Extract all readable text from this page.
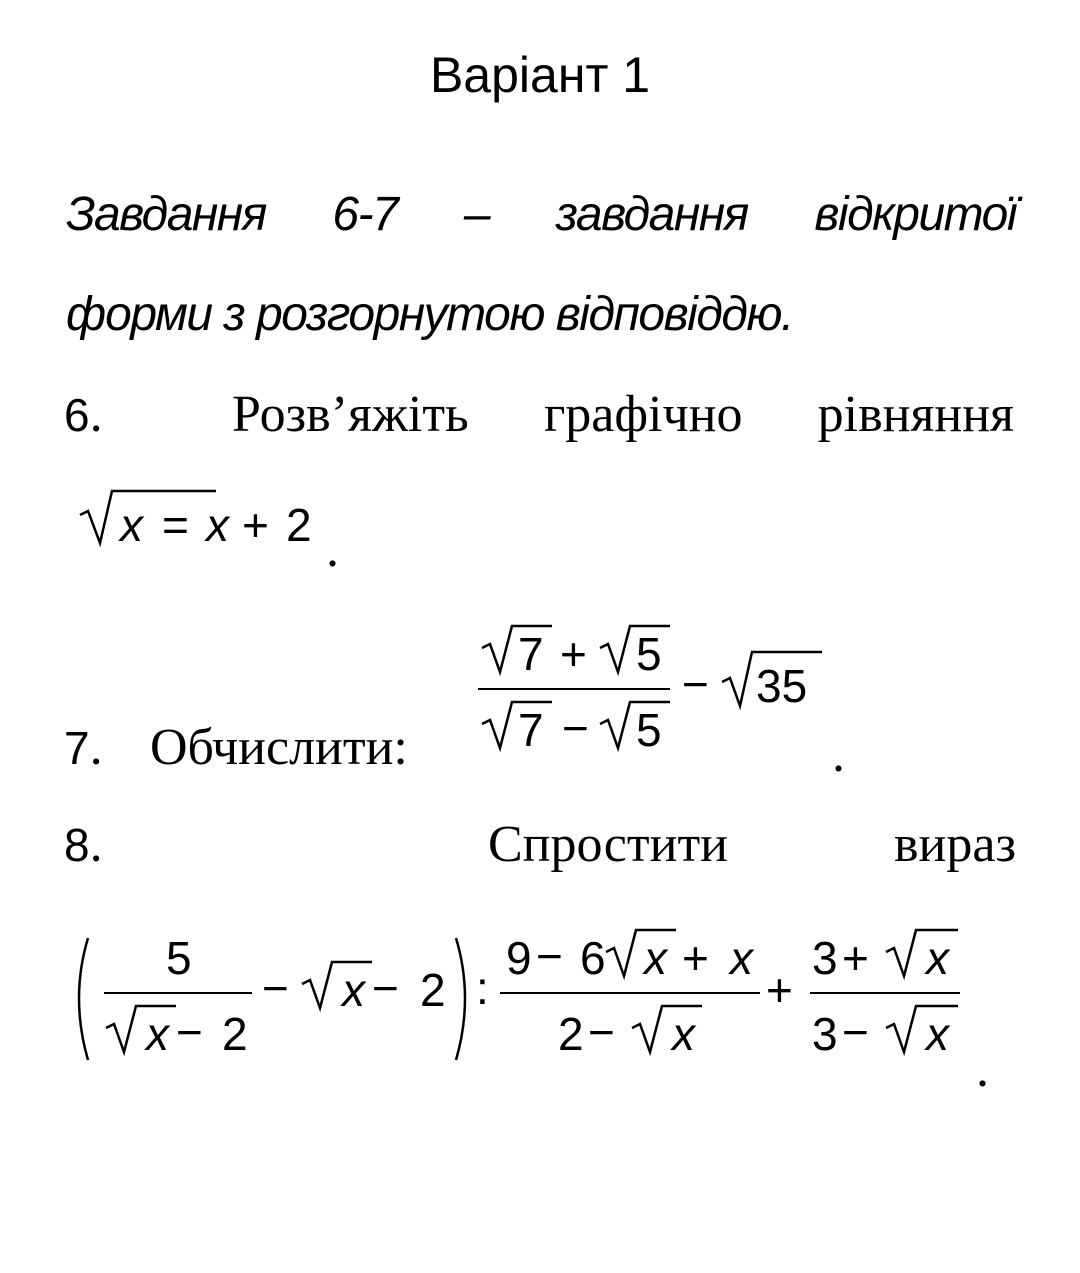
Варіант 1
Завдання 6-7 – завдання відкритої
форми з розгорнутою відповіддю.
6. Розв’яжіть графічно рівняння
x = x + 2 .
7. Обчислити:
7 + 5
7 − 5
− 35
.
8.	Спростити	вираз
5
x − 2
− x − 2 :
9 − 6 x + x
2 − x
+
3 + x
3 − x
.
